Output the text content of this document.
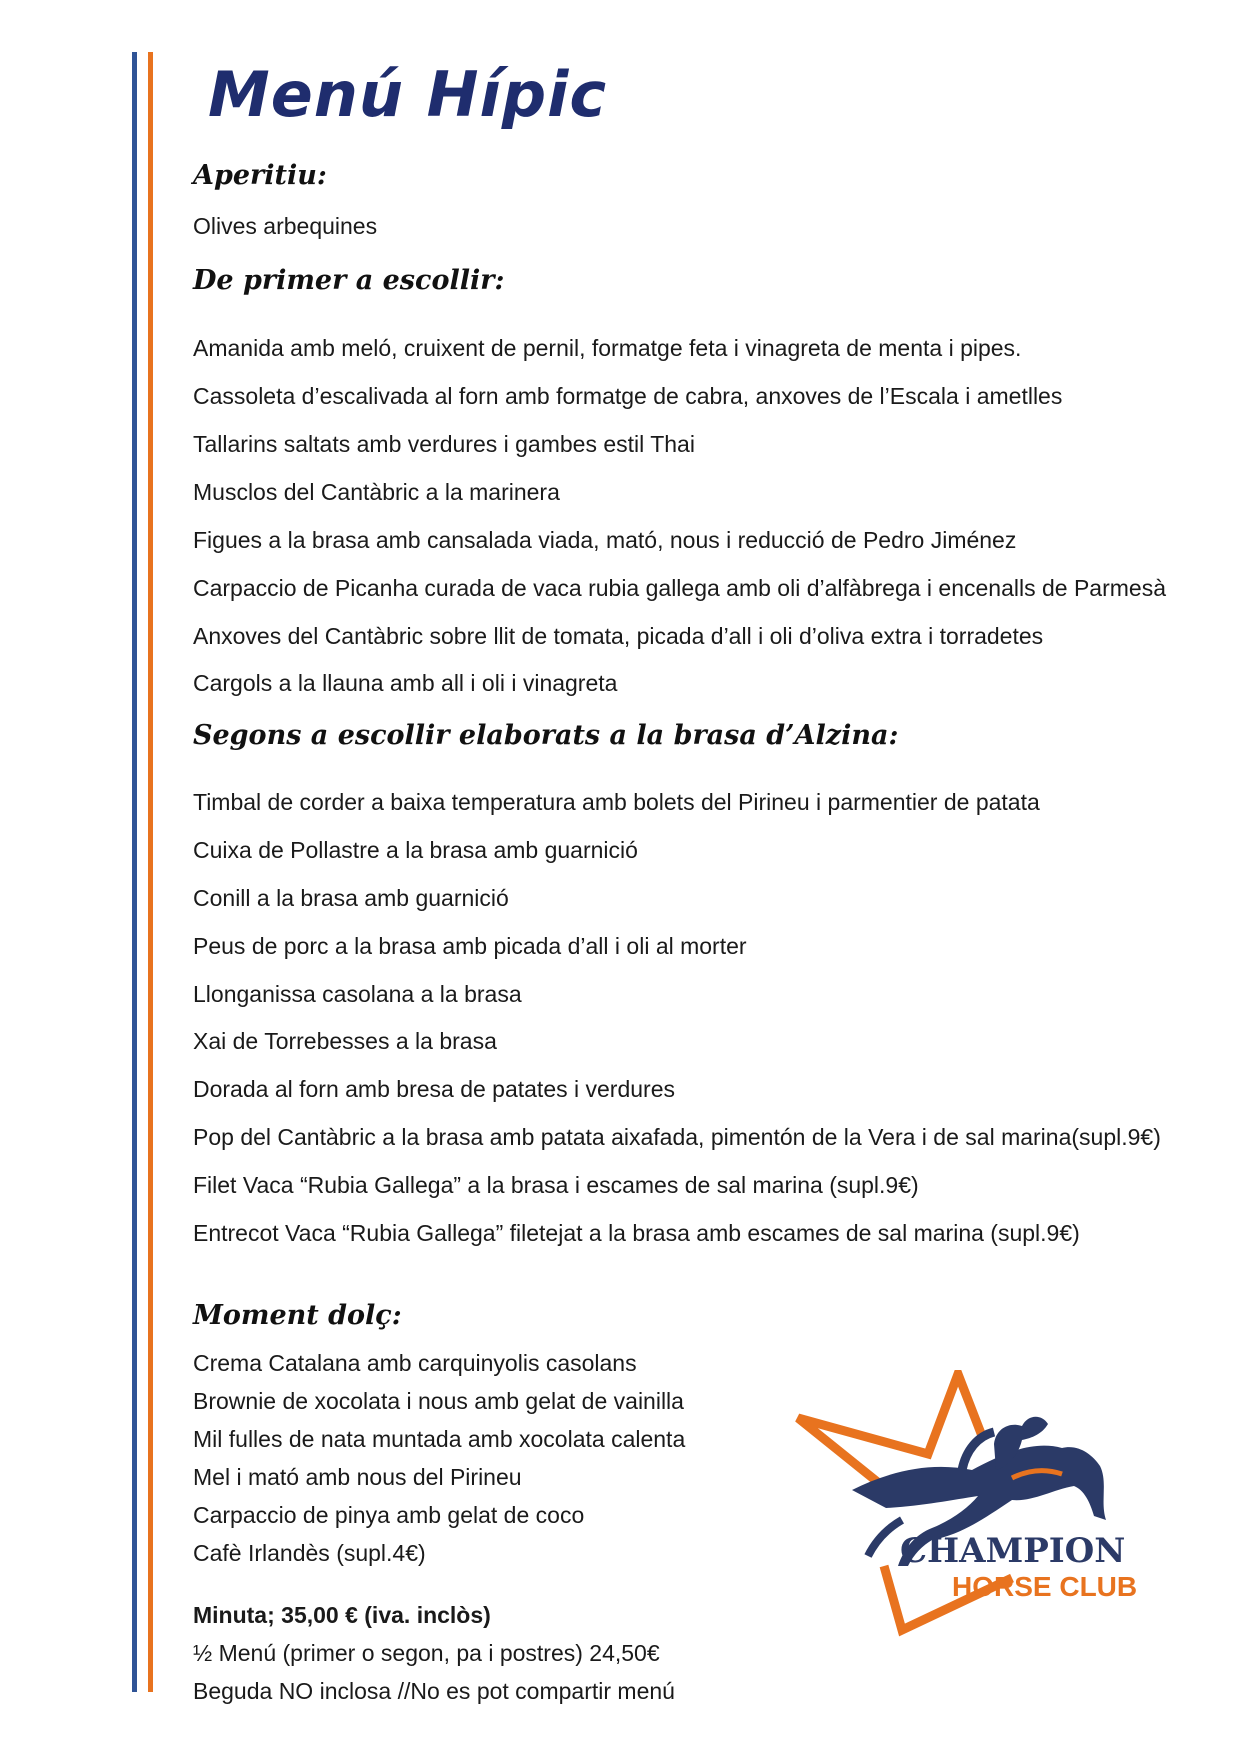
Menú Hípic
Aperitiu:

Olives arbequines

De primer a escollir:

Amanida amb meló, cruixent de pernil, formatge feta i vinagreta de menta i pipes.

Cassoleta d’escalivada al forn amb formatge de cabra, anxoves de l’Escala i ametlles

Tallarins saltats amb verdures i gambes estil Thai

Musclos del Cantàbric a la marinera

Figues a la brasa amb cansalada viada, mató, nous i reducció de Pedro Jiménez

Carpaccio de Picanha curada de vaca rubia gallega amb oli d’alfàbrega i encenalls de Parmesà

Anxoves del Cantàbric sobre llit de tomata, picada d’all i oli d’oliva extra i torradetes

Cargols a la llauna amb all i oli i vinagreta

Segons a escollir elaborats a la brasa d’Alzina:

Timbal de corder a baixa temperatura amb bolets del Pirineu i parmentier de patata

Cuixa de Pollastre a la brasa amb guarnició

Conill a la brasa amb guarnició

Peus de porc a la brasa amb picada d’all i oli al morter

Llonganissa casolana a la brasa

Xai de Torrebesses a la brasa

Dorada al forn amb bresa de patates i verdures

Pop del Cantàbric a la brasa amb patata aixafada, pimentón de la Vera i de sal marina(supl.9€)

Filet Vaca “Rubia Gallega” a la brasa i escames de sal marina (supl.9€)

Entrecot Vaca “Rubia Gallega” filetejat a la brasa amb escames de sal marina (supl.9€)

Moment dolç:

Crema Catalana amb carquinyolis casolans

Brownie de xocolata i nous amb gelat de vainilla

Mil fulles de nata muntada amb xocolata calenta

Mel i mató amb nous del Pirineu

Carpaccio de pinya amb gelat de coco

Cafè Irlandès (supl.4€)

Minuta; 35,00 € (iva. inclòs)

½ Menú (primer o segon, pa i postres) 24,50€

Beguda NO inclosa //No es pot compartir menú

CHAMPION
HORSE CLUB
